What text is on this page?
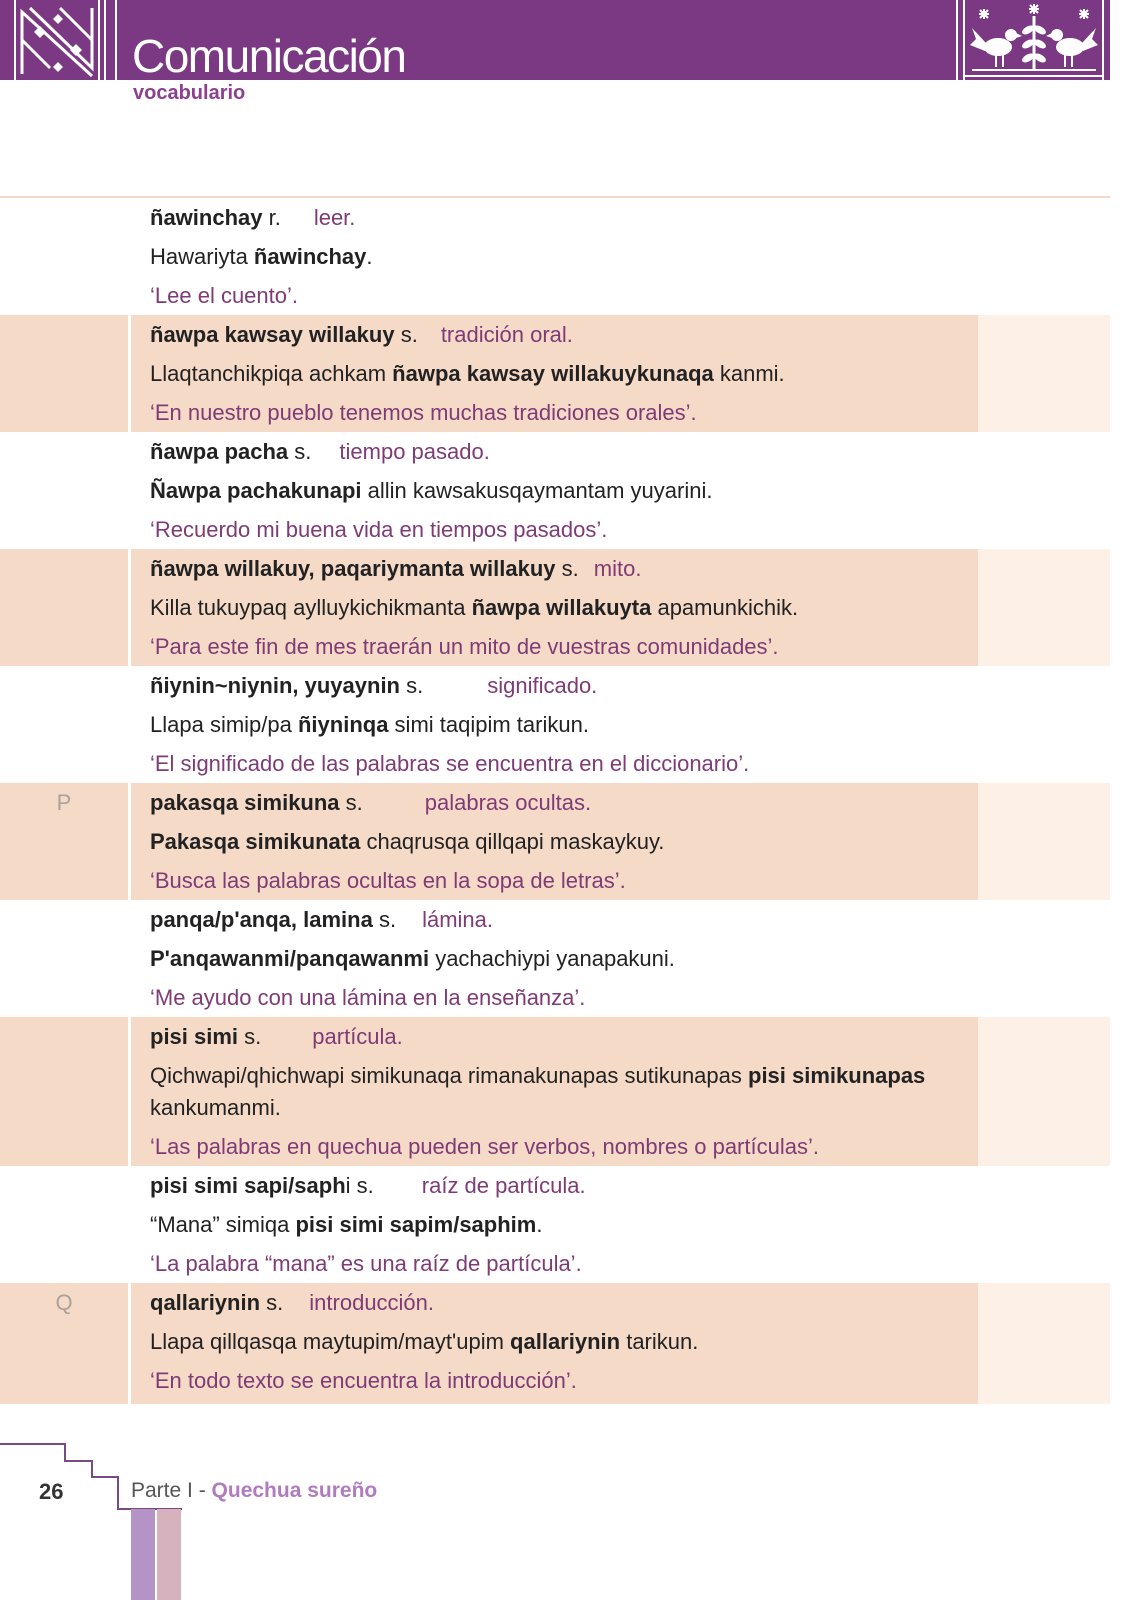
Comunicación
vocabulario
ñawinchay r. leer.
Hawariyta ñawinchay.
‘Lee el cuento’.
ñawpa kawsay willakuy s. tradición oral.
Llaqtanchikpiqa achkam ñawpa kawsay willakuykunaqa kanmi.
‘En nuestro pueblo tenemos muchas tradiciones orales’.
ñawpa pacha s. tiempo pasado.
Ñawpa pachakunapi allin kawsakusqaymantam yuyarini.
‘Recuerdo mi buena vida en tiempos pasados’.
ñawpa willakuy, paqariymanta willakuy s. mito.
Killa tukuypaq aylluykichikmanta ñawpa willakuyta apamunkichik.
‘Para este fin de mes traerán un mito de vuestras comunidades’.
ñiynin~niynin, yuyaynin s.	significado.
Llapa simip/pa ñiyninqa simi taqipim tarikun.
‘El significado de las palabras se encuentra en el diccionario’.
P	pakasqa simikuna s.	palabras ocultas.
Pakasqa simikunata chaqrusqa qillqapi maskaykuy.
‘Busca las palabras ocultas en la sopa de letras’.
panqa/p'anqa, lamina s. lámina.
P'anqawanmi/panqawanmi yachachiypi yanapakuni.
‘Me ayudo con una lámina en la enseñanza’.
pisi simi s. partícula.
Qichwapi/qhichwapi simikunaqa rimanakunapas sutikunapas pisi simikunapas kankumanmi.
‘Las palabras en quechua pueden ser verbos, nombres o partículas’.
pisi simi sapi/saphi s. raíz de partícula.
“Mana” simiqa pisi simi sapim/saphim.
‘La palabra “mana” es una raíz de partícula’.
Q	qallariynin s. introducción.
Llapa qillqasqa maytupim/mayt'upim qallariynin tarikun.
‘En todo texto se encuentra la introducción’.
26	Parte I - Quechua sureño
